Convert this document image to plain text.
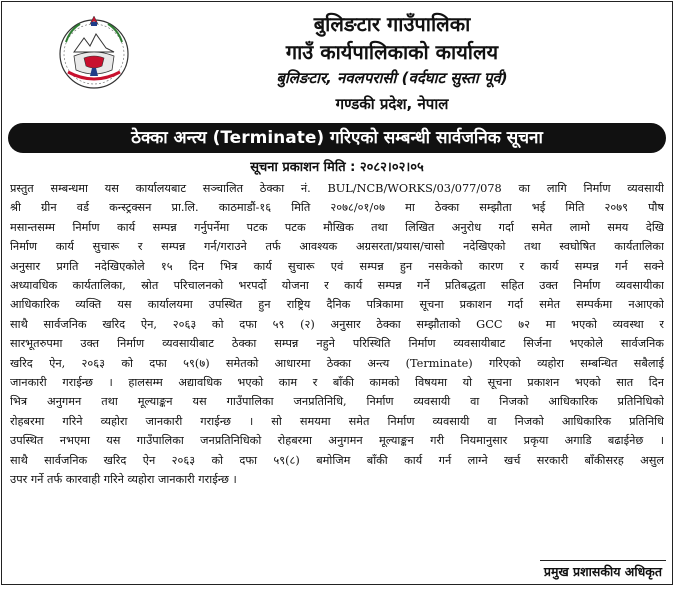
बुलिङटार गाउँपालिका
गाउँ कार्यपालिकाको कार्यालय
बुलिङटार, नवलपरासी (वर्दघाट सुस्ता पूर्व)
गण्डकी प्रदेश, नेपाल
ठेक्का अन्त्य (Terminate) गरिएको सम्बन्धी सार्वजनिक सूचना
सूचना प्रकाशन मिति : २०८२।०२।०५
प्रस्तुत सम्बन्धमा यस कार्यालयबाट सञ्चालित ठेक्का नं. BUL/NCB/WORKS/03/077/078 का लागि निर्माण व्यवसायी
श्री ग्रीन वर्ड कन्स्ट्रक्सन प्रा.लि. काठमाडौं-१६ मिति २०७८/०१/०७ मा ठेक्का सम्झौता भई मिति २०७९ पौष
मसान्तसम्म निर्माण कार्य सम्पन्न गर्नुपर्नेमा पटक पटक मौखिक तथा लिखित अनुरोध गर्दा समेत लामो समय देखि
निर्माण कार्य सुचारू र सम्पन्न गर्न/गराउने तर्फ आवश्यक अग्रसरता/प्रयास/चासो नदेखिएको तथा स्वघोषित कार्यतालिका
अनुसार प्रगति नदेखिएकोले १५ दिन भित्र कार्य सुचारू एवं सम्पन्न हुन नसकेको कारण र कार्य सम्पन्न गर्न सक्ने
अध्यावधिक कार्यतालिका, स्रोत परिचालनको भरपर्दो योजना र कार्य सम्पन्न गर्ने प्रतिबद्धता सहित उक्त निर्माण व्यवसायीका
आधिकारिक व्यक्ति यस कार्यालयमा उपस्थित हुन राष्ट्रिय दैनिक पत्रिकामा सूचना प्रकाशन गर्दा समेत सम्पर्कमा नआएको
साथै सार्वजनिक खरिद ऐन, २०६३ को दफा ५९ (२) अनुसार ठेक्का सम्झौताको GCC ७२ मा भएको व्यवस्था र
सारभूतरुपमा उक्त निर्माण व्यवसायीबाट ठेक्का सम्पन्न नहुने परिस्थिति निर्माण व्यवसायीबाट सिर्जना भएकोले सार्वजनिक
खरिद ऐन, २०६३ को दफा ५९(७) समेतको आधारमा ठेक्का अन्त्य (Terminate) गरिएको व्यहोरा सम्बन्धित सबैलाई
जानकारी गराईन्छ । हालसम्म अद्यावधिक भएको काम र बाँकी कामको विषयमा यो सूचना प्रकाशन भएको सात दिन
भित्र अनुगमन तथा मूल्याङ्कन यस गाउँपालिका जनप्रतिनिधि, निर्माण व्यवसायी वा निजको आधिकारिक प्रतिनिधिको
रोहबरमा गरिने व्यहोरा जानकारी गराईन्छ । सो समयमा समेत निर्माण व्यवसायी वा निजको आधिकारिक प्रतिनिधि
उपस्थित नभएमा यस गाउँपालिका जनप्रतिनिधिको रोहबरमा अनुगमन मूल्याङ्कन गरी नियमानुसार प्रकृया अगाडि बढाईनेछ ।
साथै सार्वजनिक खरिद ऐन २०६३ को दफा ५९(८) बमोजिम बाँकी कार्य गर्न लाग्ने खर्च सरकारी बाँकीसरह असुल
उपर गर्ने तर्फ कारवाही गरिने व्यहोरा जानकारी गराईन्छ ।
प्रमुख प्रशासकीय अधिकृत
